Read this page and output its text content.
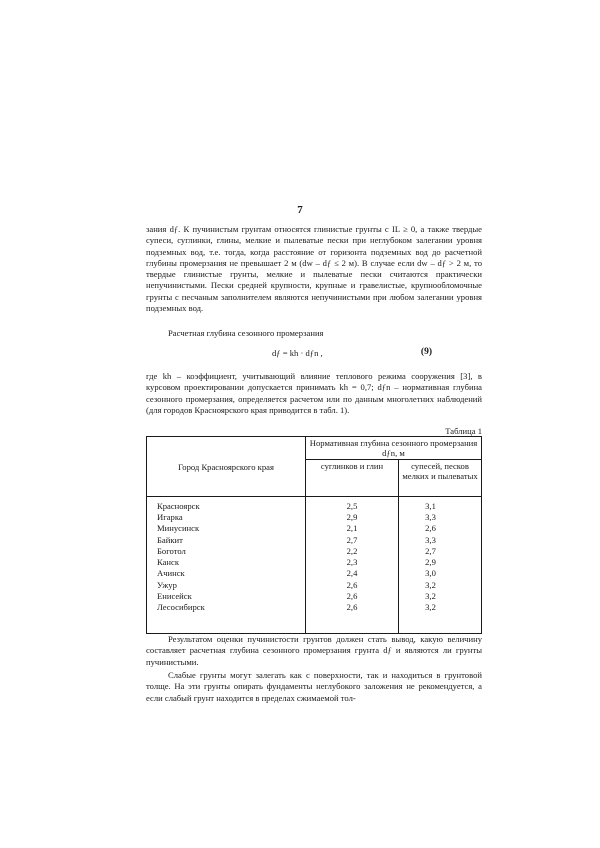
7

зания dƒ. К пучинистым грунтам относятся глинистые грунты с IL ≥ 0, а также твердые супеси, суглинки, глины, мелкие и пылеватые пески при неглубоком залегании уровня подземных вод, т.е. тогда, когда расстояние от горизонта подземных вод до расчетной глубины промерзания не превышает 2 м (dw – dƒ ≤ 2 м). В случае если dw – dƒ > 2 м, то твердые глинистые грунты, мелкие и пылеватые пески считаются практически непучинистыми. Пески средней крупности, крупные и гравелистые, крупнообломочные грунты с песчаным заполнителем являются непучинистыми при любом залегании уровня подземных вод.

Расчетная глубина сезонного промерзания

dƒ = kh · dƒn ,	(9)

где kh – коэффициент, учитывающий влияние теплового режима сооружения [3], в курсовом проектировании допускается принимать kh = 0,7; dƒn – нормативная глубина сезонного промерзания, определяется расчетом или по данным многолетних наблюдений (для городов Красноярского края приводится в табл. 1).

Таблица 1
Город Красноярского края	Нормативная глубина сезонного промерзания dƒn, м	
	суглинков и глин	супесей, песков мелких и пылеватых
Красноярск	2,5	3,1
Игарка	2,9	3,3
Минусинск	2,1	2,6
Байкит	2,7	3,3
Боготол	2,2	2,7
Канск	2,3	2,9
Ачинск	2,4	3,0
Ужур	2,6	3,2
Енисейск	2,6	3,2
Лесосибирск	2,6	3,2

Результатом оценки пучинистости грунтов должен стать вывод, какую величину составляет расчетная глубина сезонного промерзания грунта dƒ и являются ли грунты пучинистыми.

Слабые грунты могут залегать как с поверхности, так и находиться в грунтовой толще. На эти грунты опирать фундаменты неглубокого заложения не рекомендуется, а если слабый грунт находится в пределах сжимаемой тол-
